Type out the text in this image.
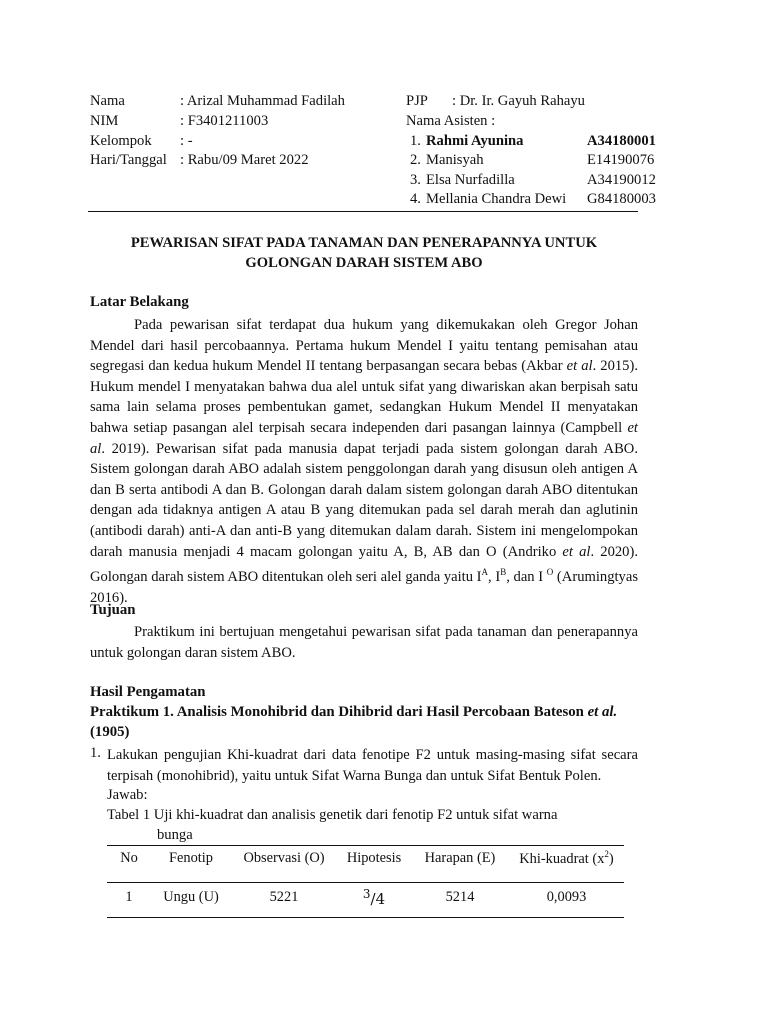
Nama	: Arizal Muhammad Fadilah
NIM	: F3401211003
Kelompok : -
Hari/Tanggal : Rabu/09 Maret 2022
PJP : Dr. Ir. Gayuh Rahayu
Nama Asisten :
1. Rahmi Ayunina	A34180001
2. Manisyah	E14190076
3. Elsa Nurfadilla	A34190012
4. Mellania Chandra Dewi G84180003
PEWARISAN SIFAT PADA TANAMAN DAN PENERAPANNYA UNTUK
GOLONGAN DARAH SISTEM ABO
Latar Belakang

Pada pewarisan sifat terdapat dua hukum yang dikemukakan oleh Gregor Johan Mendel dari hasil percobaannya. Pertama hukum Mendel I yaitu tentang pemisahan atau segregasi dan kedua hukum Mendel II tentang berpasangan secara bebas (Akbar et al. 2015). Hukum mendel I menyatakan bahwa dua alel untuk sifat yang diwariskan akan berpisah satu sama lain selama proses pembentukan gamet, sedangkan Hukum Mendel II menyatakan bahwa setiap pasangan alel terpisah secara independen dari pasangan lainnya (Campbell et al. 2019). Pewarisan sifat pada manusia dapat terjadi pada sistem golongan darah ABO. Sistem golongan darah ABO adalah sistem penggolongan darah yang disusun oleh antigen A dan B serta antibodi A dan B. Golongan darah dalam sistem golongan darah ABO ditentukan dengan ada tidaknya antigen A atau B yang ditemukan pada sel darah merah dan aglutinin (antibodi darah) anti-A dan anti-B yang ditemukan dalam darah. Sistem ini mengelompokan darah manusia menjadi 4 macam golongan yaitu A, B, AB dan O (Andriko et al. 2020). Golongan darah sistem ABO ditentukan oleh seri alel ganda yaitu $I^A$, $I^B$, dan I $^O$ (Arumingtyas 2016).

Tujuan

Praktikum ini bertujuan mengetahui pewarisan sifat pada tanaman dan penerapannya untuk golongan daran sistem ABO.

Hasil Pengamatan
Praktikum 1. Analisis Monohibrid dan Dihibrid dari Hasil Percobaan Bateson et al.
(1905)
1. Lakukan pengujian Khi-kuadrat dari data fenotipe F2 untuk masing-masing sifat secara terpisah (monohibrid), yaitu untuk Sifat Warna Bunga dan untuk Sifat Bentuk Polen.
Jawab:
Tabel 1 Uji khi-kuadrat dan analisis genetik dari fenotip F2 untuk sifat warna
bunga
No	Fenotip	Observasi (O)	Hipotesis	Harapan (E)	Khi-kuadrat $(x^2)$
1	Ungu (U)	5221	$^3$/4	5214	0,0093
